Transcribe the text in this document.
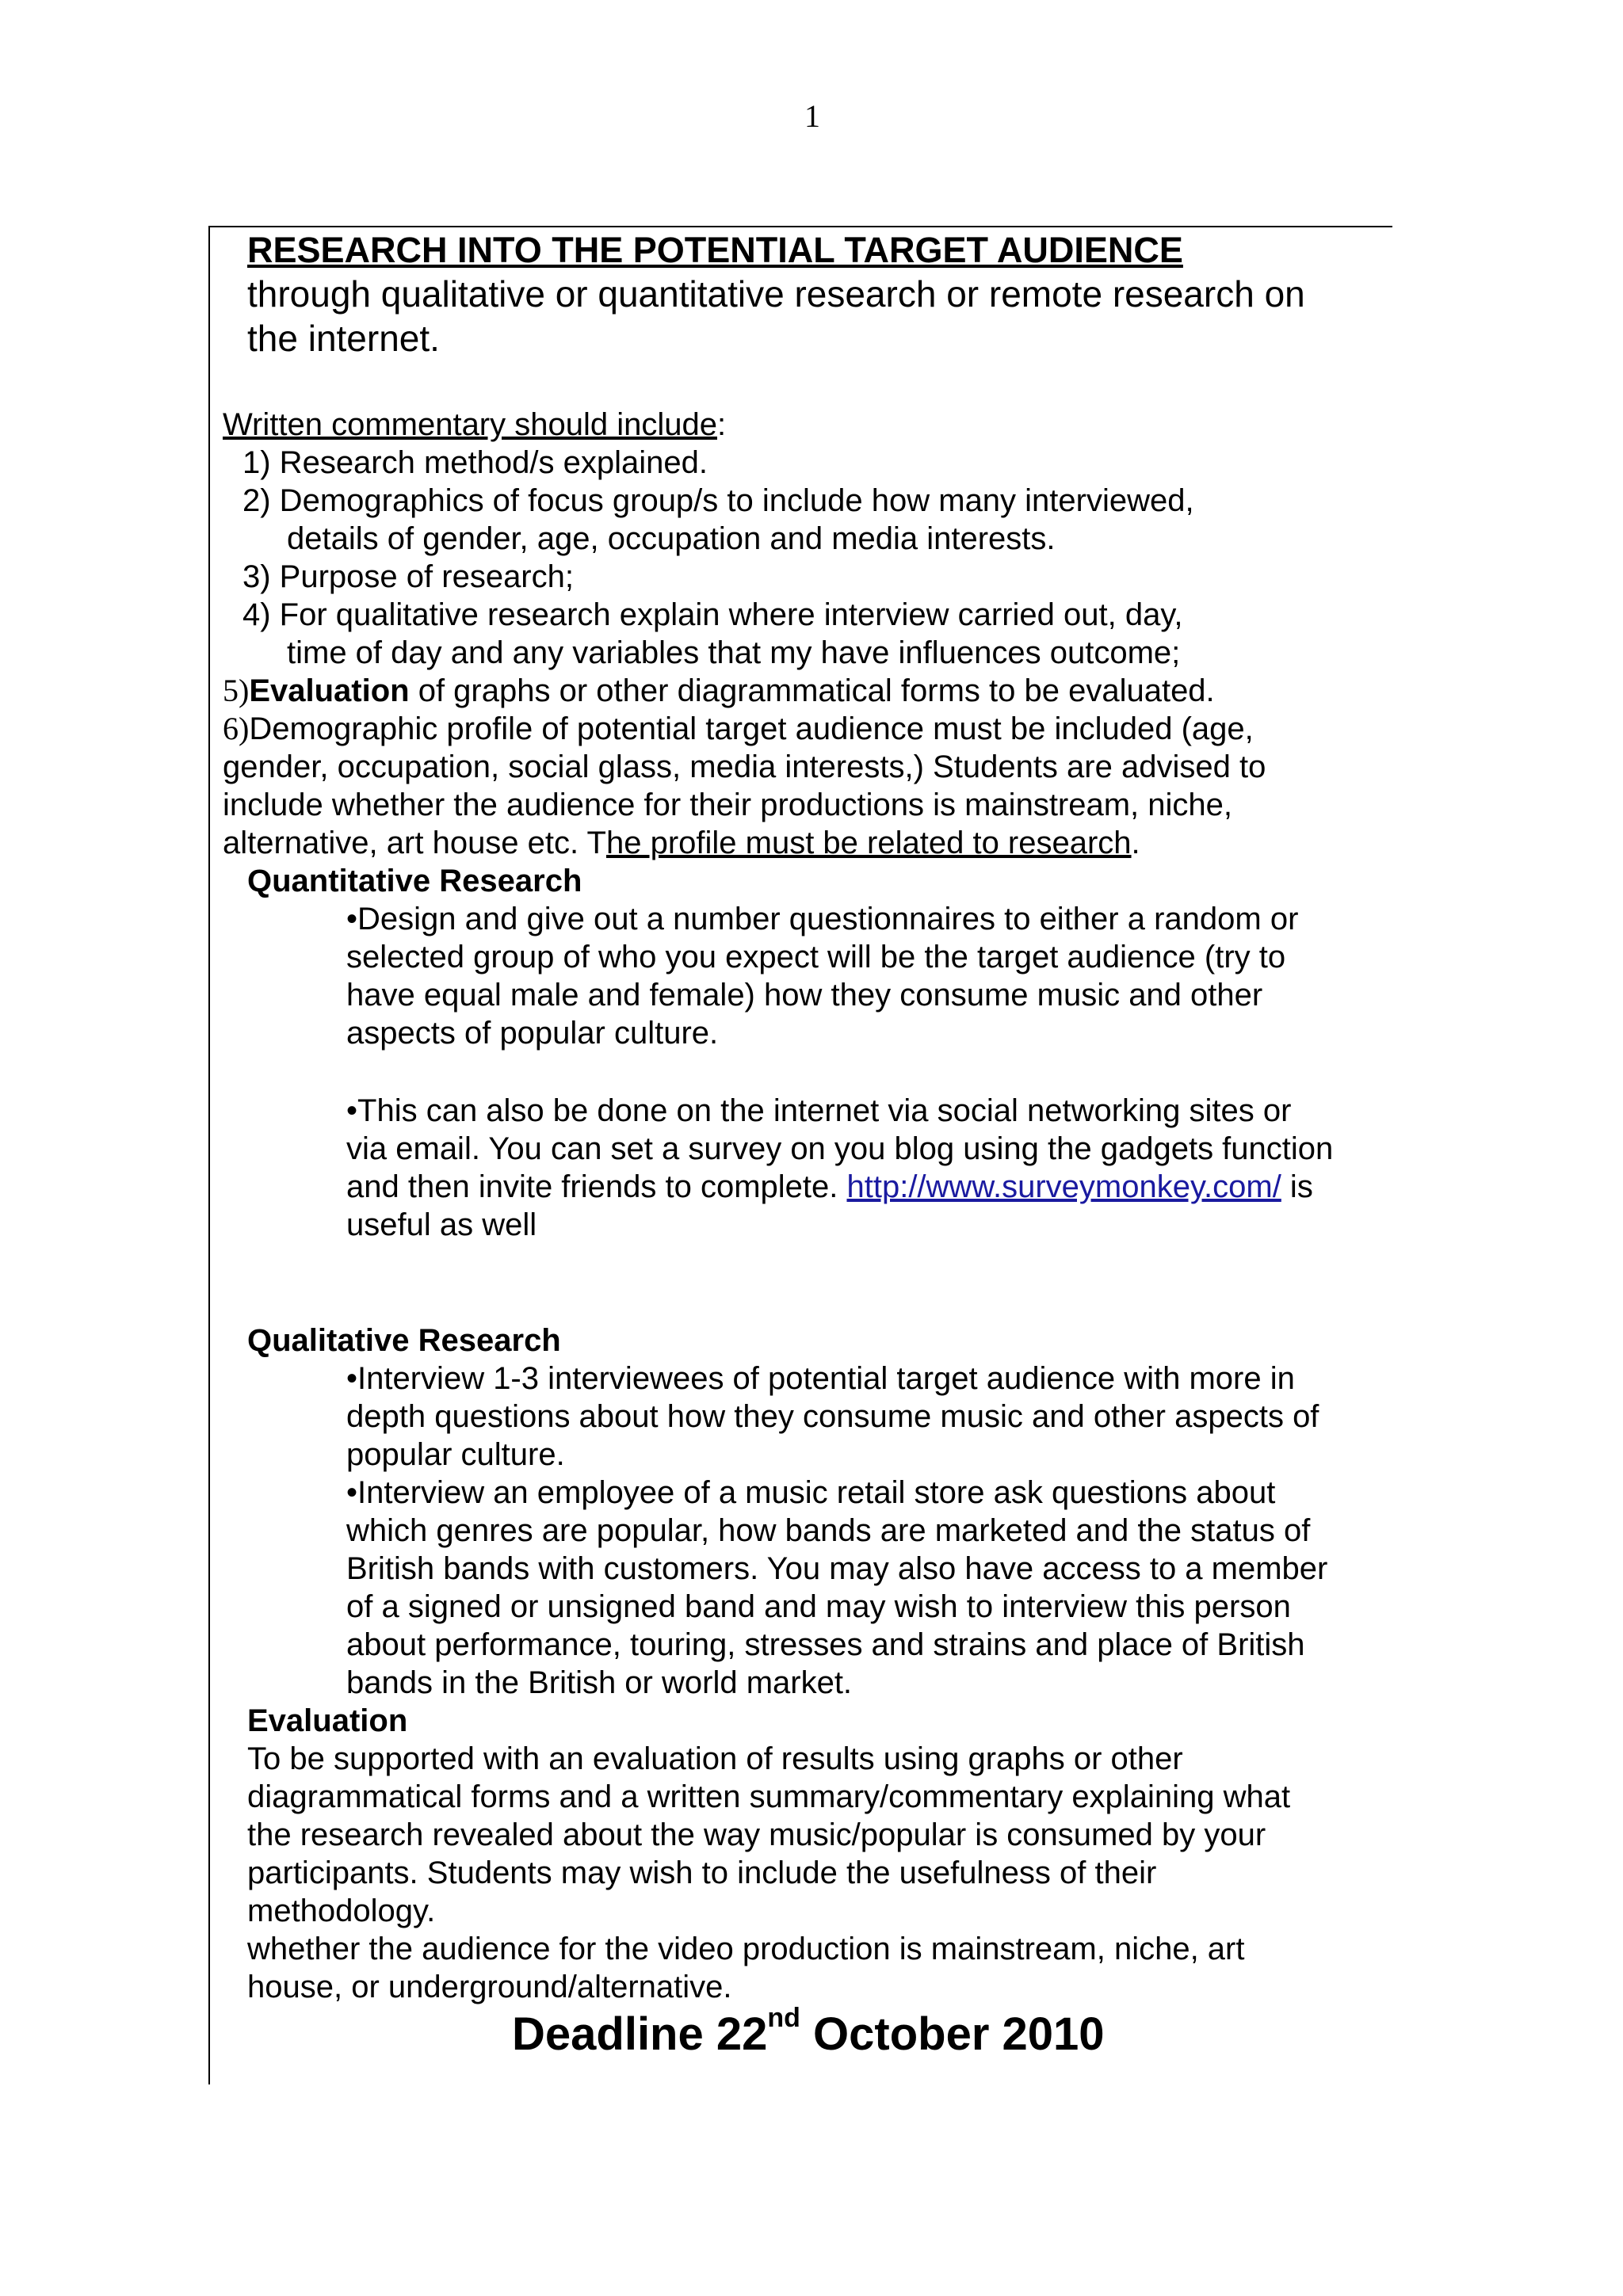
1
RESEARCH INTO THE POTENTIAL TARGET AUDIENCE
through qualitative or quantitative research or remote research on
the internet.
Written commentary should include:
1) Research method/s explained.
2) Demographics of focus group/s to include how many interviewed,
details of gender, age, occupation and media interests.
3) Purpose of research;
4) For qualitative research explain where interview carried out, day,
time of day and any variables that my have influences outcome;
5)Evaluation of graphs or other diagrammatical forms to be evaluated.
6)Demographic profile of potential target audience must be included (age,
gender, occupation, social glass, media interests,) Students are advised to
include whether the audience for their productions is mainstream, niche,
alternative, art house etc. The profile must be related to research.
Quantitative Research
•Design and give out a number questionnaires to either a random or
selected group of who you expect will be the target audience (try to
have equal male and female) how they consume music and other
aspects of popular culture.
•This can also be done on the internet via social networking sites or
via email. You can set a survey on you blog using the gadgets function
and then invite friends to complete. http://www.surveymonkey.com/ is
useful as well
Qualitative Research
•Interview 1-3 interviewees of potential target audience with more in
depth questions about how they consume music and other aspects of
popular culture.
•Interview an employee of a music retail store ask questions about
which genres are popular, how bands are marketed and the status of
British bands with customers. You may also have access to a member
of a signed or unsigned band and may wish to interview this person
about performance, touring, stresses and strains and place of British
bands in the British or world market.
Evaluation
To be supported with an evaluation of results using graphs or other
diagrammatical forms and a written summary/commentary explaining what
the research revealed about the way music/popular is consumed by your
participants. Students may wish to include the usefulness of their
methodology.
whether the audience for the video production is mainstream, niche, art
house, or underground/alternative.
Deadline 22nd October 2010
